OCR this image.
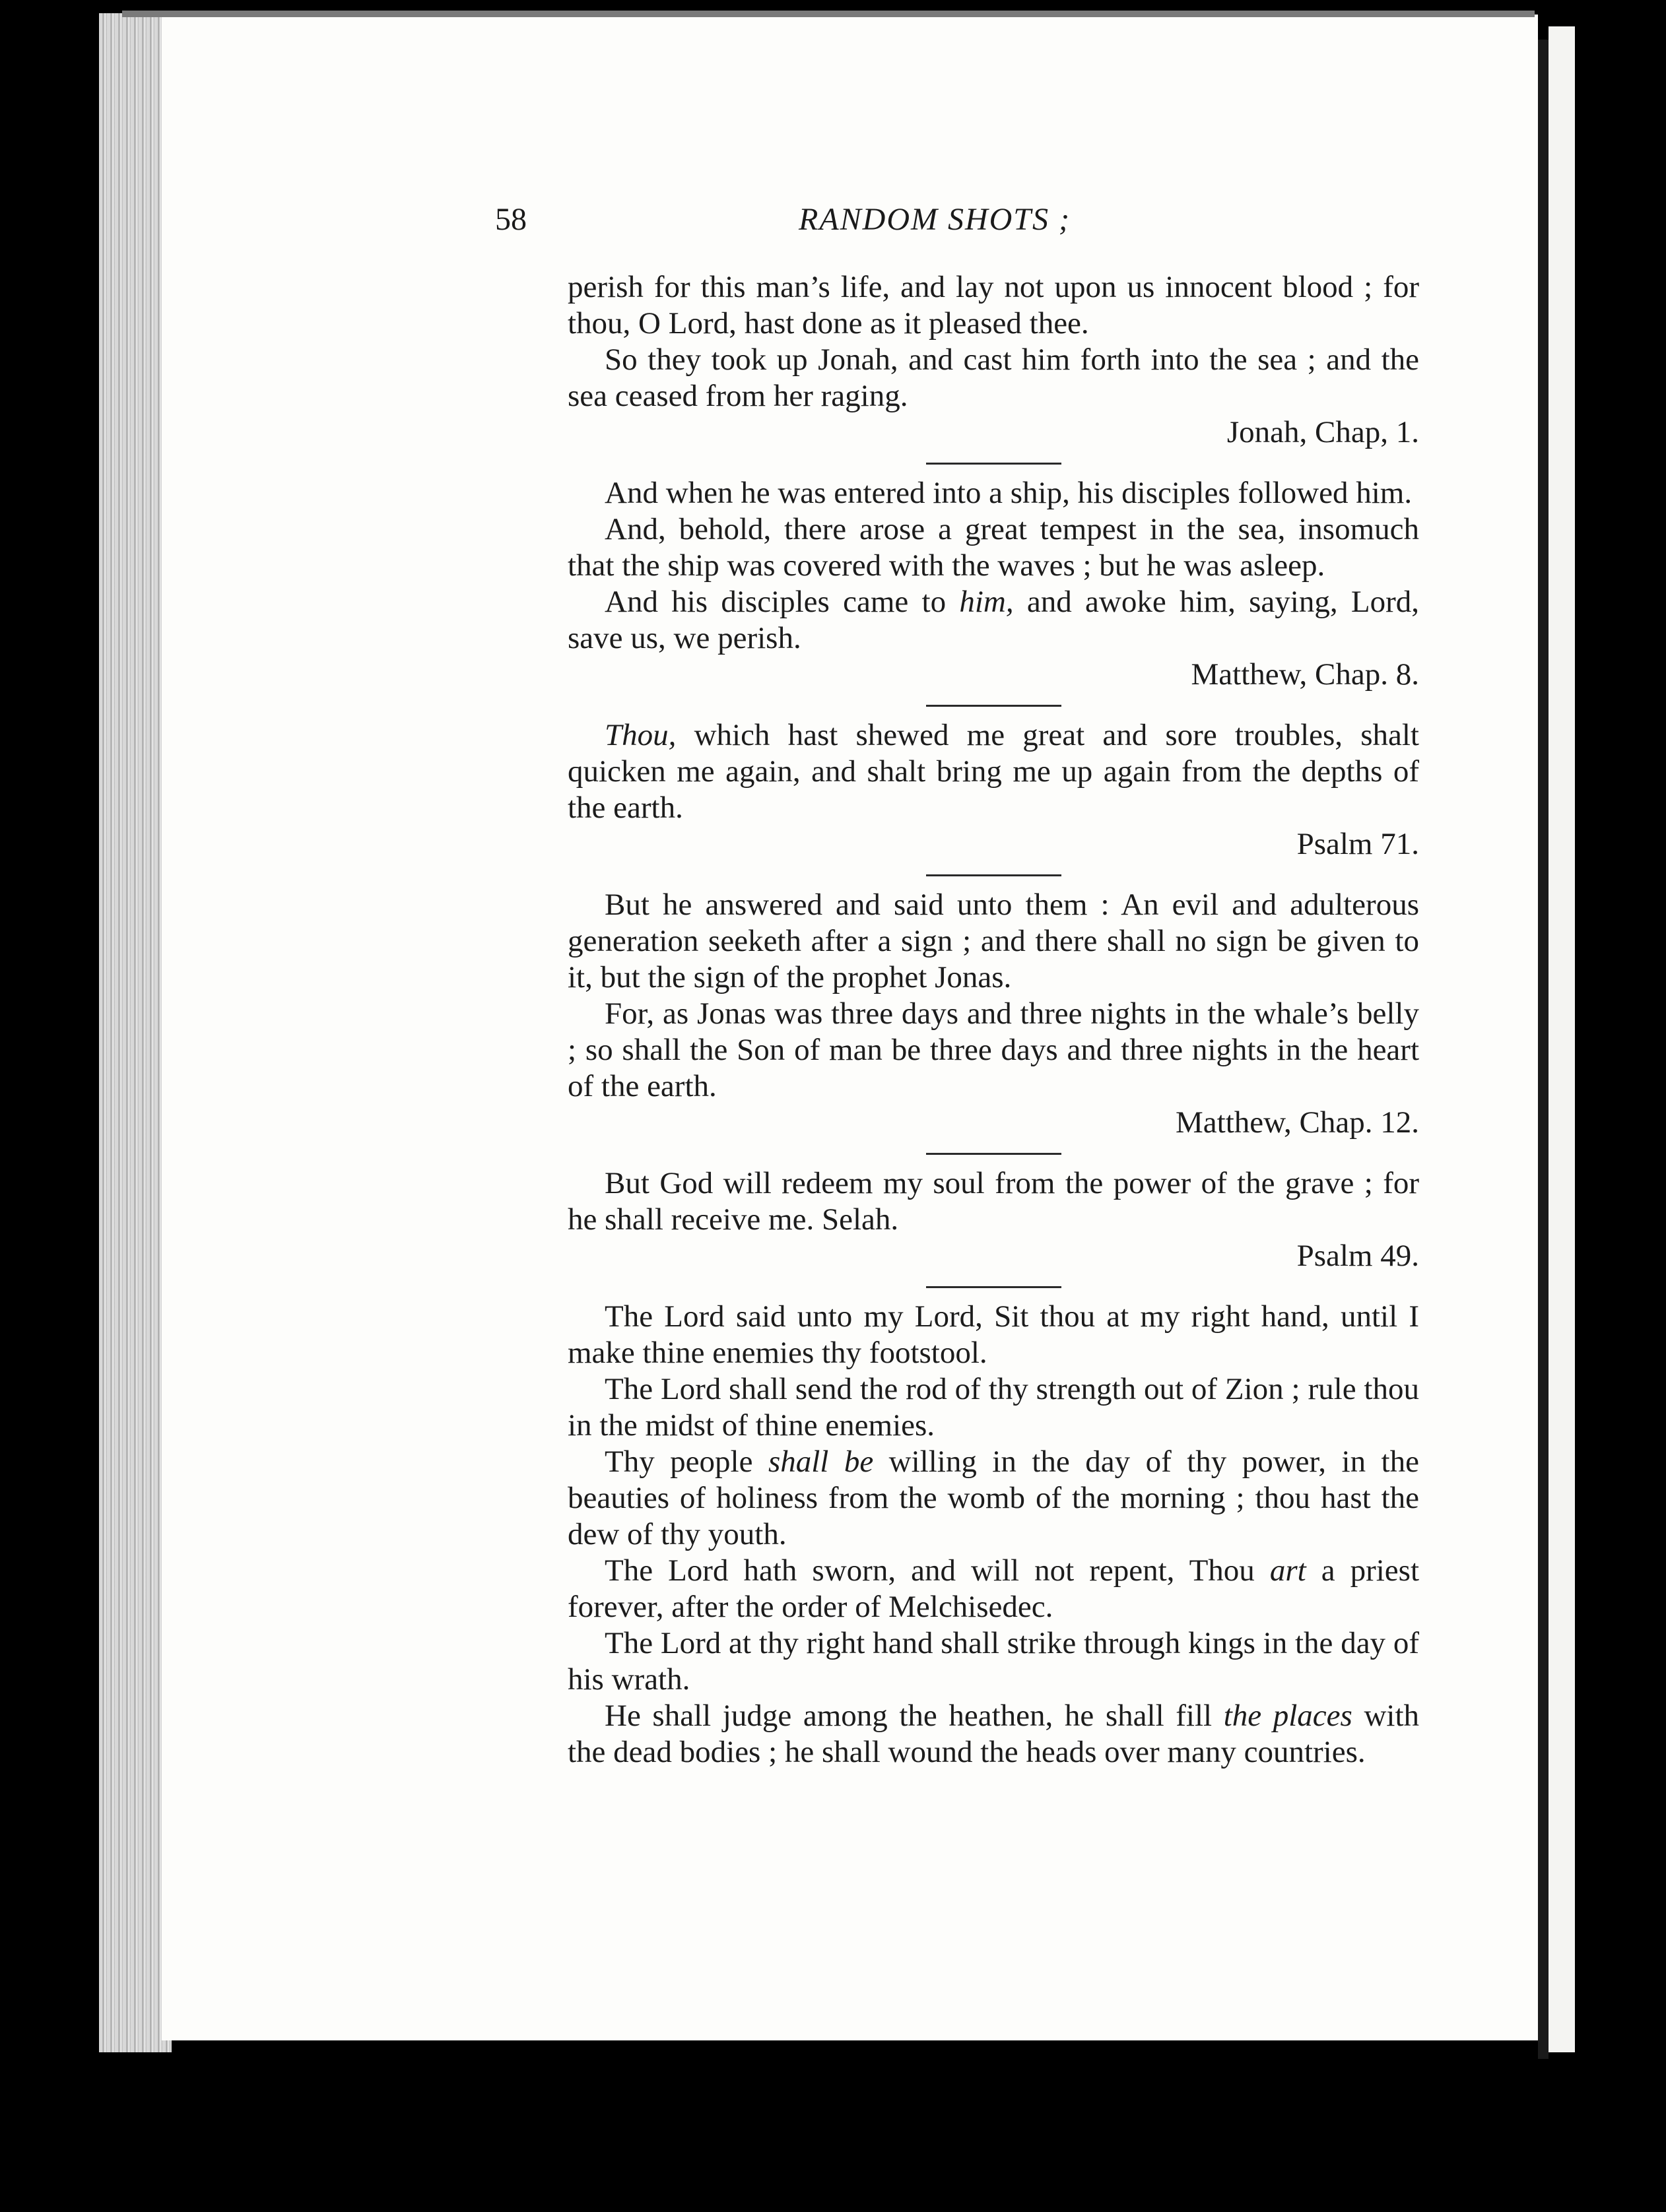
58	RANDOM SHOTS ;

perish for this man’s life, and lay not upon us innocent blood ; for thou, O Lord, hast done as it pleased thee.

So they took up Jonah, and cast him forth into the sea ; and the sea ceased from her raging.

Jonah, Chap, 1.

And when he was entered into a ship, his disciples followed him.

And, behold, there arose a great tempest in the sea, insomuch that the ship was covered with the waves ; but he was asleep.

And his disciples came to him, and awoke him, saying, Lord, save us, we perish.

Matthew, Chap. 8.

Thou, which hast shewed me great and sore troubles, shalt quicken me again, and shalt bring me up again from the depths of the earth.

Psalm 71.

But he answered and said unto them : An evil and adulterous generation seeketh after a sign ; and there shall no sign be given to it, but the sign of the prophet Jonas.

For, as Jonas was three days and three nights in the whale’s belly ; so shall the Son of man be three days and three nights in the heart of the earth.

Matthew, Chap. 12.

But God will redeem my soul from the power of the grave ; for he shall receive me. Selah.

Psalm 49.

The Lord said unto my Lord, Sit thou at my right hand, until I make thine enemies thy footstool.

The Lord shall send the rod of thy strength out of Zion ; rule thou in the midst of thine enemies.

Thy people shall be willing in the day of thy power, in the beauties of holiness from the womb of the morning ; thou hast the dew of thy youth.

The Lord hath sworn, and will not repent, Thou art a priest forever, after the order of Melchisedec.

The Lord at thy right hand shall strike through kings in the day of his wrath.

He shall judge among the heathen, he shall fill the places with the dead bodies ; he shall wound the heads over many countries.
